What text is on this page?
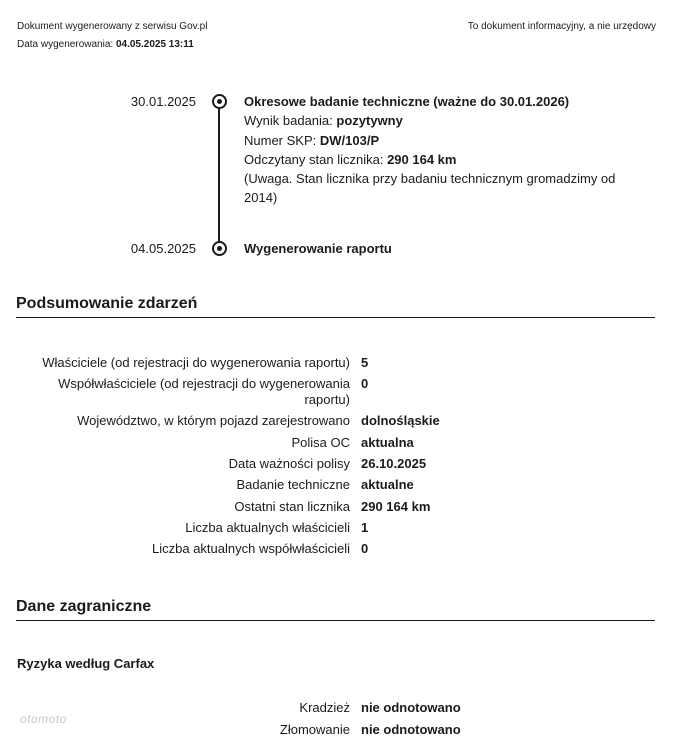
Dokument wygenerowany z serwisu Gov.pl
Data wygenerowania: 04.05.2025 13:11
To dokument informacyjny, a nie urzędowy
30.01.2025	Okresowe badanie techniczne (ważne do 30.01.2026)
Wynik badania: pozytywny
Numer SKP: DW/103/P
Odczytany stan licznika: 290 164 km
(Uwaga. Stan licznika przy badaniu technicznym gromadzimy od 2014)
04.05.2025	Wygenerowanie raportu
Podsumowanie zdarzeń
Właściciele (od rejestracji do wygenerowania raportu) 5
Współwłaściciele (od rejestracji do wygenerowania raportu)
0
Województwo, w którym pojazd zarejestrowano dolnośląskie
Polisa OC aktualna
Data ważności polisy 26.10.2025
Badanie techniczne aktualne
Ostatni stan licznika 290 164 km
Liczba aktualnych właścicieli 1
Liczba aktualnych współwłaścicieli 0
Dane zagraniczne
Ryzyka według Carfax
Kradzież nie odnotowano
Złomowanie nie odnotowano
otomoto
